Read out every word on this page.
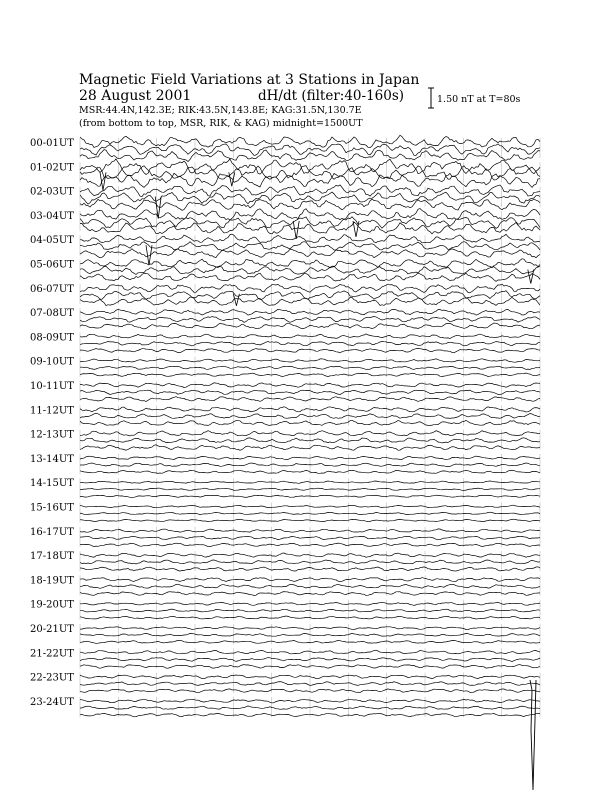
Magnetic Field Variations at 3 Stations in Japan
28 August 2001	dH/dt (filter:40-160s)
MSR:44.4N,142.3E; RIK:43.5N,143.8E; KAG:31.5N,130.7E
(from bottom to top, MSR, RIK, & KAG) midnight=1500UT
1.50 nT at T=80s
00-01UT
01-02UT
02-03UT
03-04UT
04-05UT
05-06UT
06-07UT
07-08UT
08-09UT
09-10UT
10-11UT
11-12UT
12-13UT
13-14UT
14-15UT
15-16UT
16-17UT
17-18UT
18-19UT
19-20UT
20-21UT
21-22UT
22-23UT
23-24UT
